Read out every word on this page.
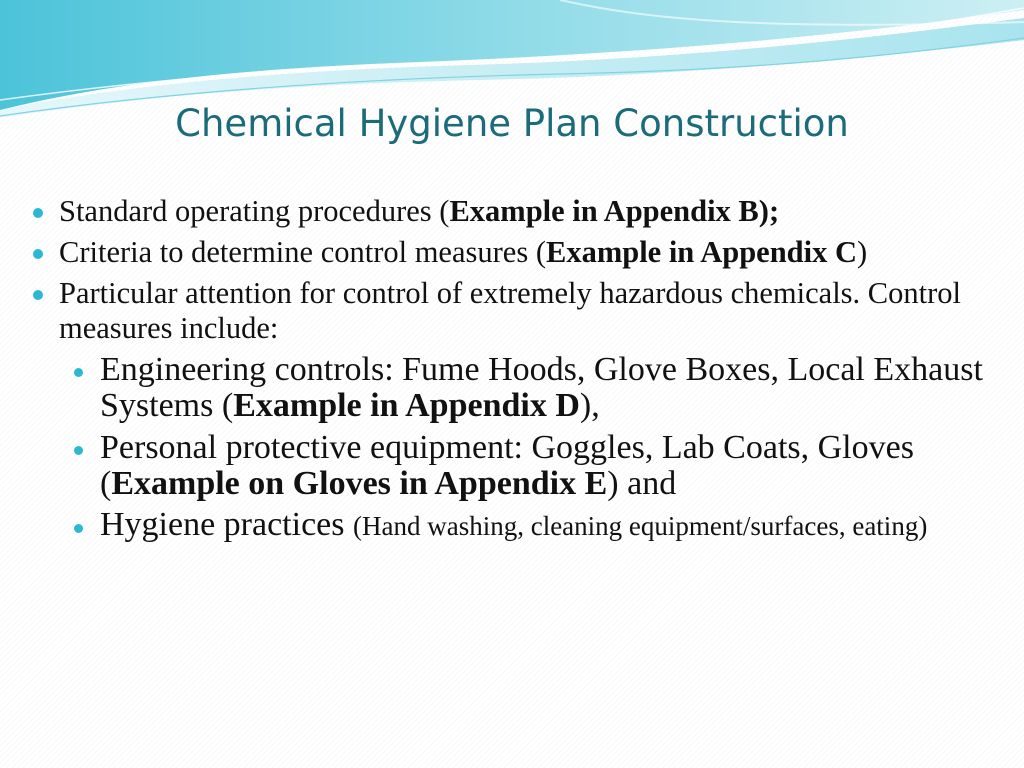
Chemical Hygiene Plan Construction
Standard operating procedures (Example in Appendix B);
Criteria to determine control measures (Example in Appendix C)
Particular attention for control of extremely hazardous chemicals. Control measures include:
Engineering controls: Fume Hoods, Glove Boxes, Local Exhaust Systems (Example in Appendix D),
Personal protective equipment: Goggles, Lab Coats, Gloves (Example on Gloves in Appendix E) and
Hygiene practices (Hand washing, cleaning equipment/surfaces, eating)
